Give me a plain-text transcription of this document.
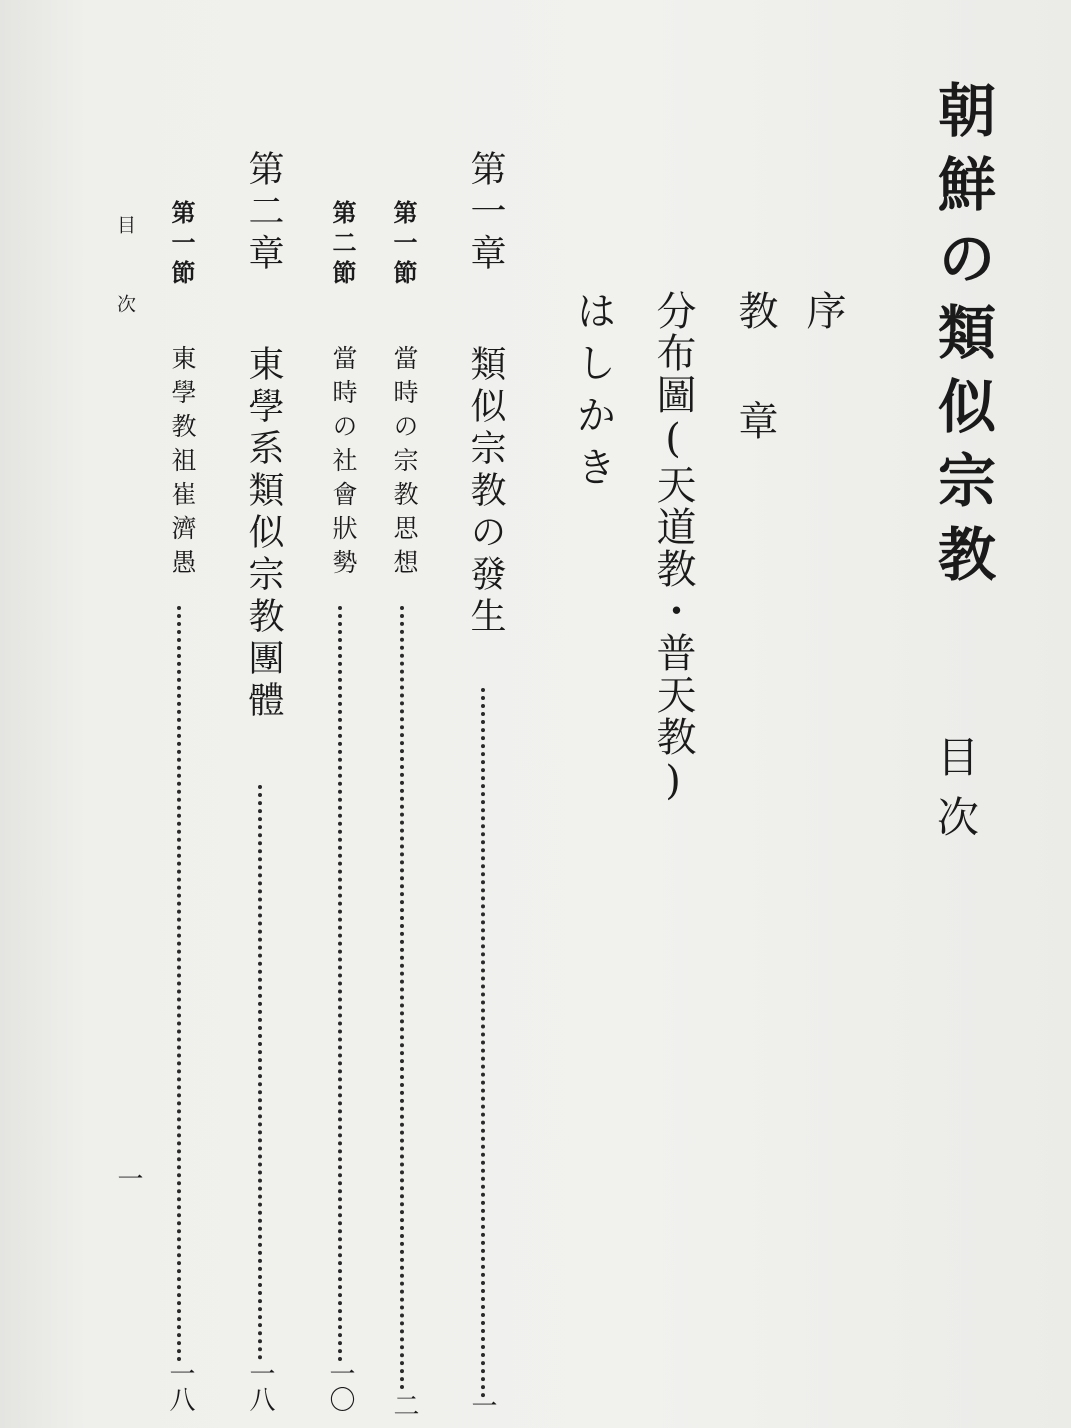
朝鮮の類似宗教
目次
序
教章
分布圖(天道教・普天教)
はしかき
第一章
類似宗教の發生
一
第一節
當時の宗教思想
二
第二節
當時の社會狀勢
一〇
第二章
東學系類似宗教團體
一八
第一節
東學教祖崔濟愚
一八
目次
一
